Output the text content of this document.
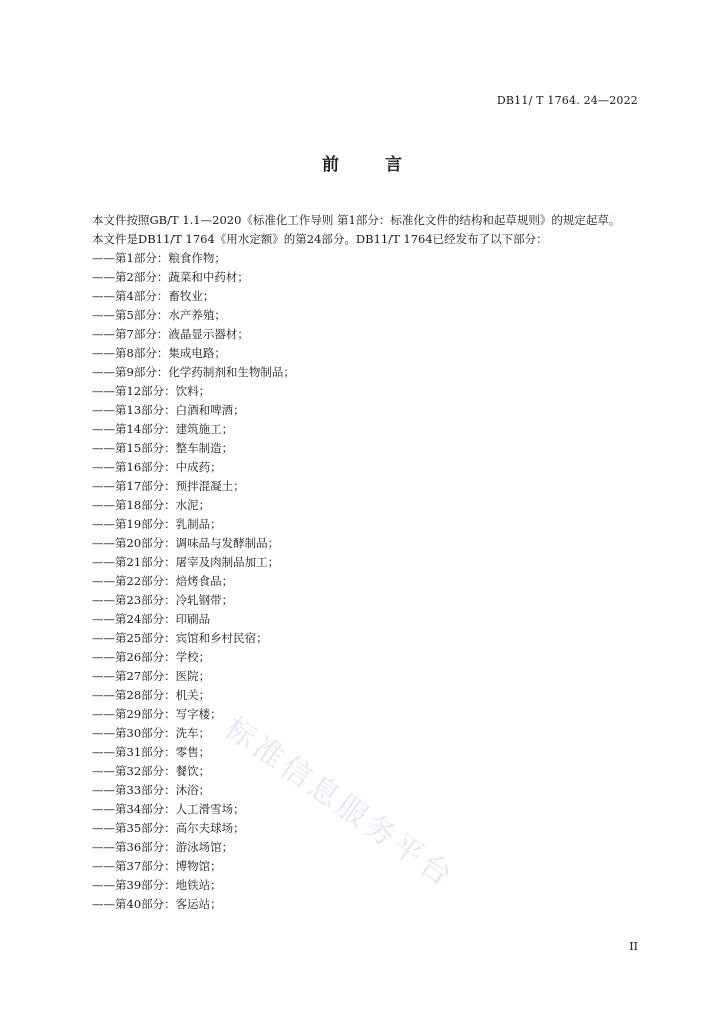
DB11/ T 1764. 24—2022
前	言

本文件按照GB/T 1.1—2020《标准化工作导则 第1部分：标准化文件的结构和起草规则》的规定起草。

本文件是DB11/T 1764《用水定额》的第24部分。DB11/T 1764已经发布了以下部分：

——第1部分：粮食作物；
——第2部分：蔬菜和中药材；
——第4部分：畜牧业；
——第5部分：水产养殖；
——第7部分：液晶显示器材；
——第8部分：集成电路；
——第9部分：化学药制剂和生物制品；
——第12部分：饮料；
——第13部分：白酒和啤酒；
——第14部分：建筑施工；
——第15部分：整车制造；
——第16部分：中成药；
——第17部分：预拌混凝土；
——第18部分：水泥；
——第19部分：乳制品；
——第20部分：调味品与发酵制品；
——第21部分：屠宰及肉制品加工；
——第22部分：焙烤食品；
——第23部分：冷轧钢带；
——第24部分：印刷品
——第25部分：宾馆和乡村民宿；
——第26部分：学校；
——第27部分：医院；
——第28部分：机关；
——第29部分：写字楼；
——第30部分：洗车；
——第31部分：零售；
——第32部分：餐饮；
——第33部分：沐浴；
——第34部分：人工滑雪场；
——第35部分：高尔夫球场；
——第36部分：游泳场馆；
——第37部分：博物馆；
——第39部分：地铁站；
——第40部分：客运站；
标准信息服务平台
II
